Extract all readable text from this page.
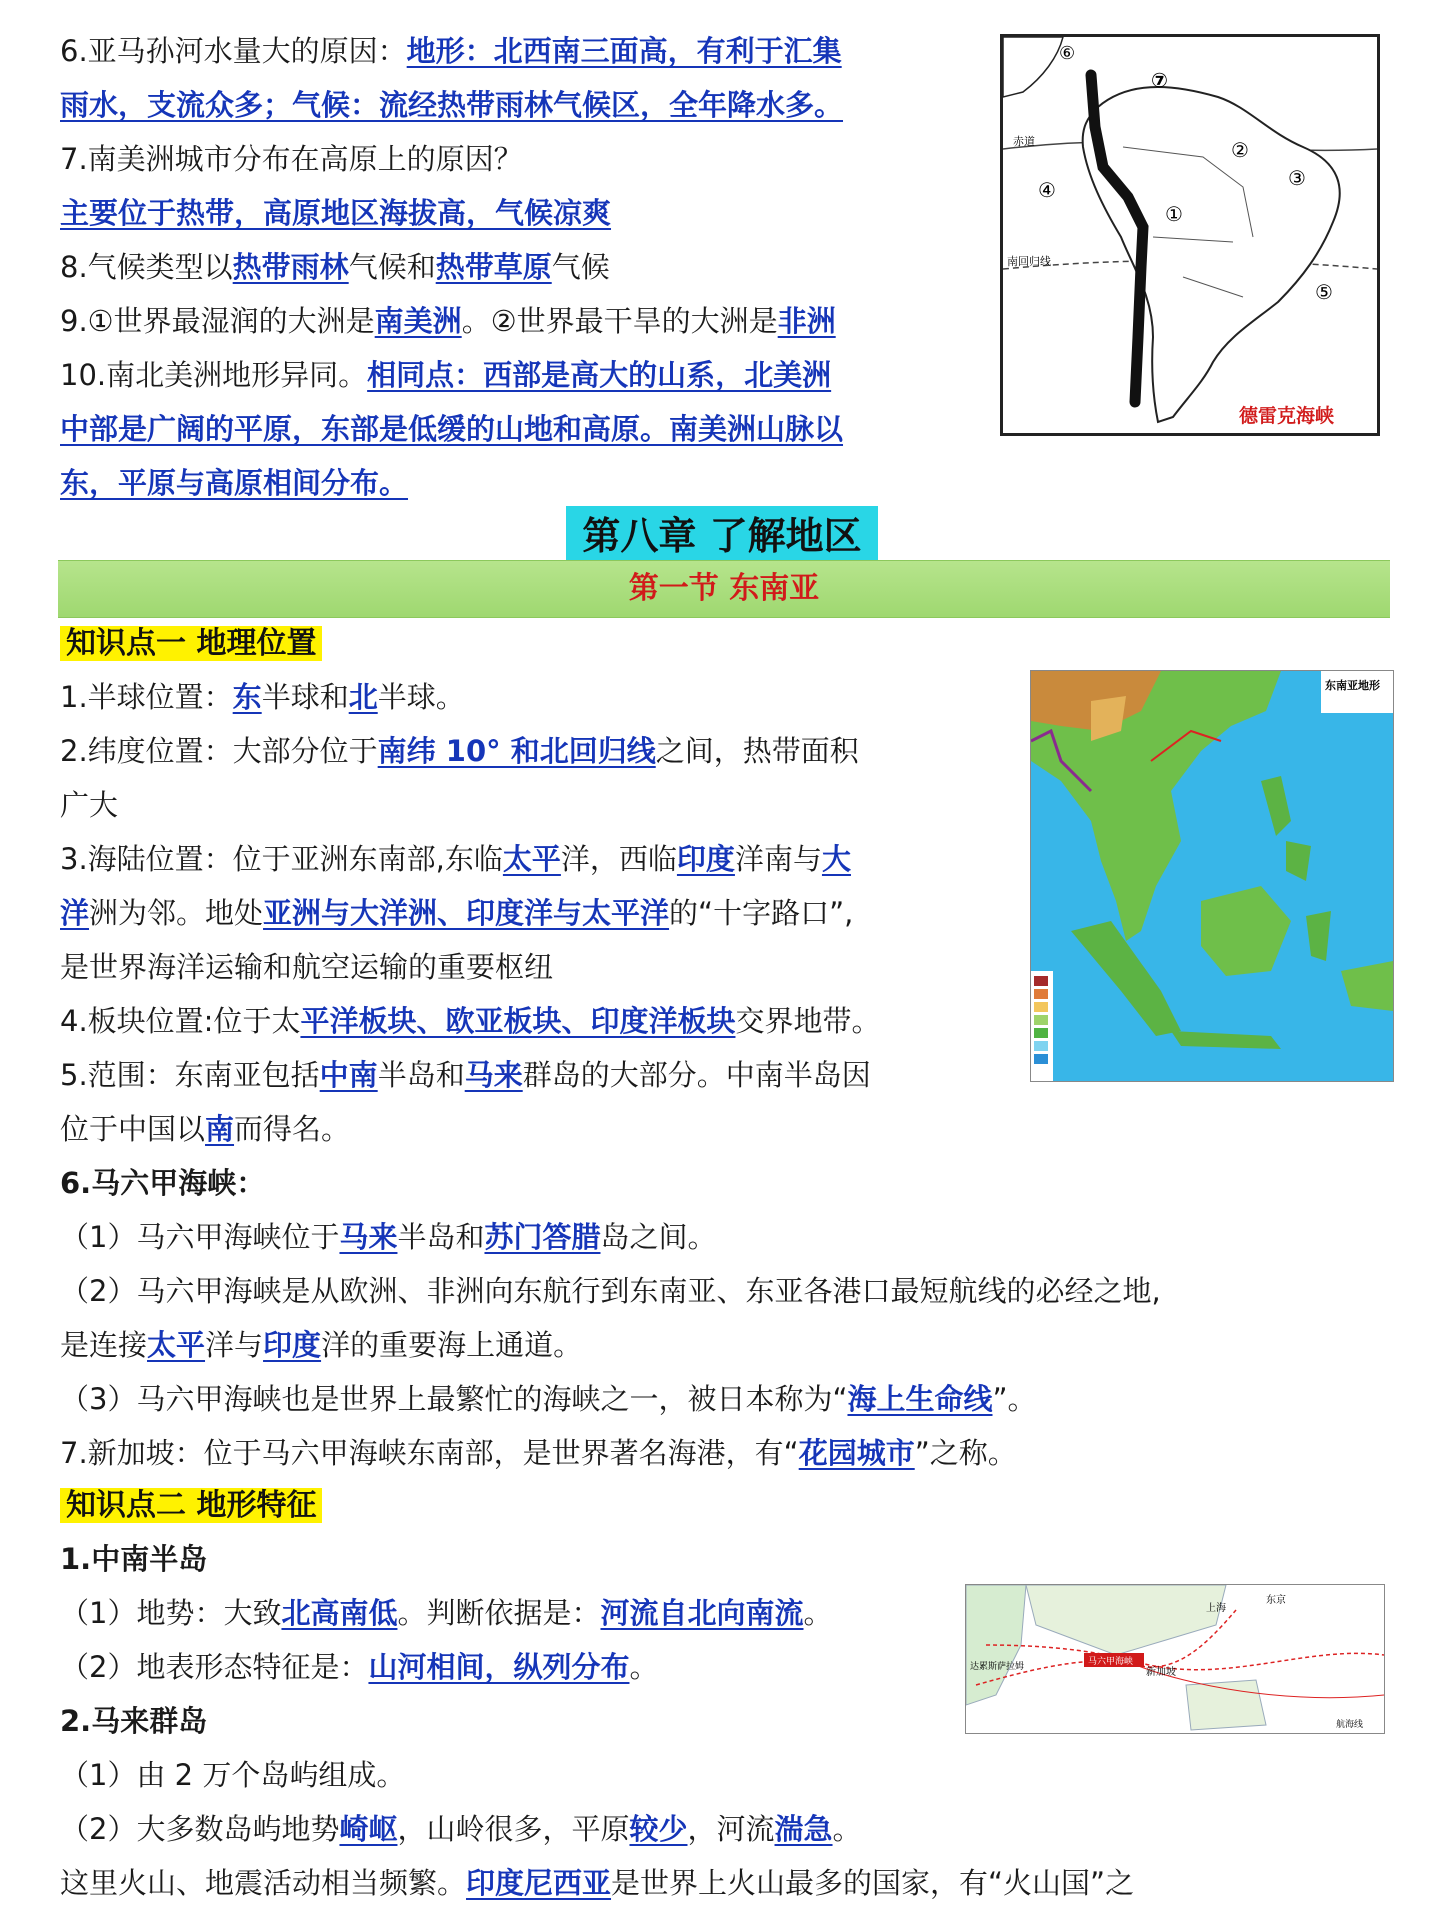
6.亚马孙河水量大的原因：地形：北西南三面高，有利于汇集
雨水，支流众多；气候：流经热带雨林气候区，全年降水多。
7.南美洲城市分布在高原上的原因？
主要位于热带，高原地区海拔高，气候凉爽
8.气候类型以热带雨林气候和热带草原气候
9.①世界最湿润的大洲是南美洲。②世界最干旱的大洲是非洲
10.南北美洲地形异同。相同点：西部是高大的山系，北美洲
中部是广阔的平原，东部是低缓的山地和高原。南美洲山脉以
东，平原与高原相间分布。
⑥
⑦
②
③
④
①
⑤
赤道
南回归线
德雷克海峡
第八章 了解地区
第一节 东南亚
知识点一 地理位置
1.半球位置：东半球和北半球。
2.纬度位置：大部分位于南纬 10° 和北回归线之间，热带面积
广大
3.海陆位置：位于亚洲东南部,东临太平洋，西临印度洋南与大
洋洲为邻。地处亚洲与大洋洲、印度洋与太平洋的“十字路口”,
是世界海洋运输和航空运输的重要枢纽
4.板块位置:位于太平洋板块、欧亚板块、印度洋板块交界地带。
5.范围：东南亚包括中南半岛和马来群岛的大部分。中南半岛因
位于中国以南而得名。
6.马六甲海峡：
（1）马六甲海峡位于马来半岛和苏门答腊岛之间。
（2）马六甲海峡是从欧洲、非洲向东航行到东南亚、东亚各港口最短航线的必经之地,
是连接太平洋与印度洋的重要海上通道。
（3）马六甲海峡也是世界上最繁忙的海峡之一，被日本称为“海上生命线”。
7.新加坡：位于马六甲海峡东南部，是世界著名海港，有“花园城市”之称。
东南亚地形
知识点二 地形特征
1.中南半岛
（1）地势：大致北高南低。判断依据是：河流自北向南流。
（2）地表形态特征是：山河相间，纵列分布。
2.马来群岛
（1）由 2 万个岛屿组成。
（2）大多数岛屿地势崎岖，山岭很多，平原较少，河流湍急。
这里火山、地震活动相当频繁。印度尼西亚是世界上火山最多的国家，有“火山国”之
马六甲海峡
东京
上海
新加坡
达累斯萨拉姆
航海线
